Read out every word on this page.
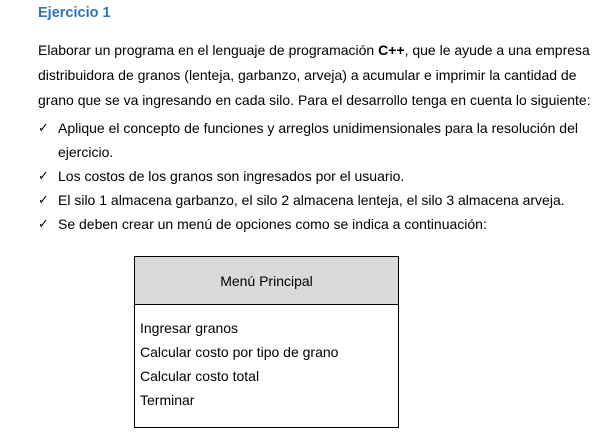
Ejercicio 1
Elaborar un programa en el lenguaje de programación C++, que le ayude a una empresa
distribuidora de granos (lenteja, garbanzo, arveja) a acumular e imprimir la cantidad de
grano que se va ingresando en cada silo. Para el desarrollo tenga en cuenta lo siguiente:
✓ Aplique el concepto de funciones y arreglos unidimensionales para la resolución del
ejercicio.
✓ Los costos de los granos son ingresados por el usuario.
✓ El silo 1 almacena garbanzo, el silo 2 almacena lenteja, el silo 3 almacena arveja.
✓ Se deben crear un menú de opciones como se indica a continuación:
Menú Principal
Ingresar granos
Calcular costo por tipo de grano
Calcular costo total
Terminar
